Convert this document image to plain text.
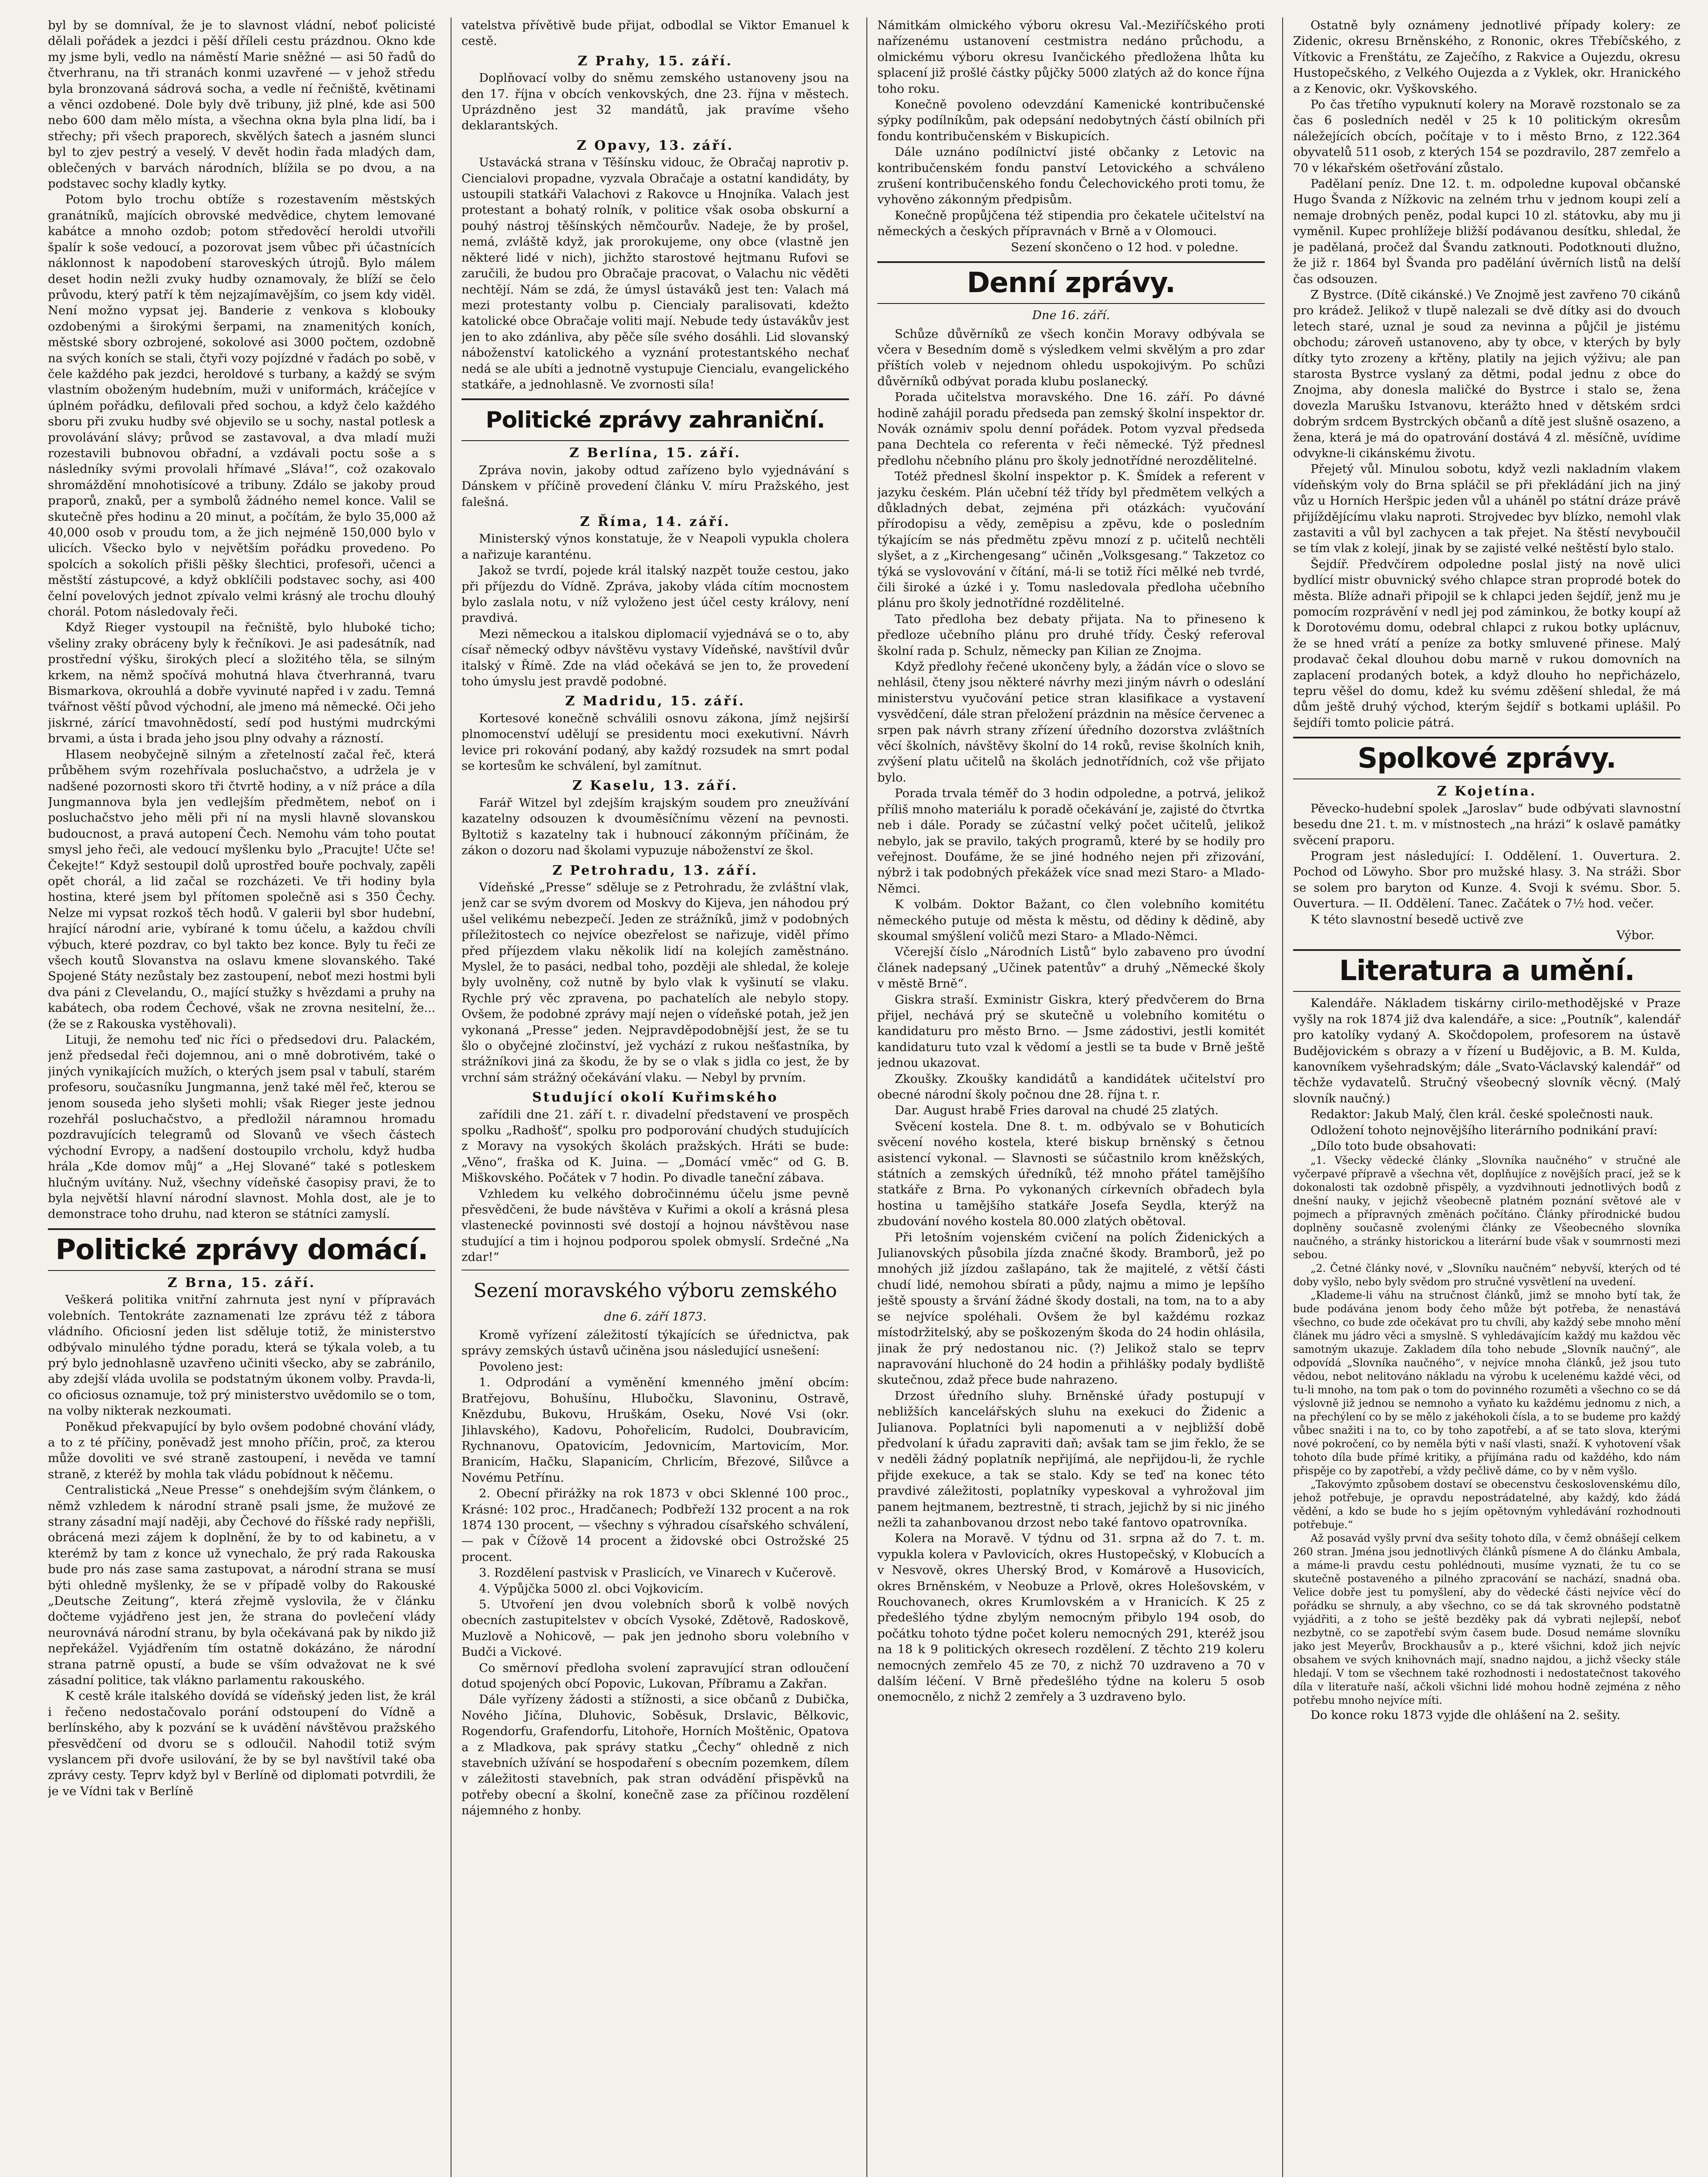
byl by se domníval, že je to slavnost vládní, neboť policisté dělali pořádek a jezdci i pěší dříleli cestu prázdnou. Okno kde my jsme byli, vedlo na náměstí Marie sněžné — asi 50 řadů do čtverhranu, na tři stranách konmi uzavřené — v jehož středu byla bronzovaná sádrová socha, a vedle ní řečniště, květinami a věnci ozdobené. Dole byly dvě tribuny, již plné, kde asi 500 nebo 600 dam mělo místa, a všechna okna byla plna lidí, ba i střechy; při všech praporech, skvělých šatech a jasném slunci byl to zjev pestrý a veselý. V devět hodin řada mladých dam, oblečených v barvách národních, blížila se po dvou, a na podstavec sochy kladly kytky.

Potom bylo trochu obtíže s rozestavením městských granátníků, majících obrovské medvědice, chytem lemované kabátce a mnoho ozdob; potom středověcí heroldi utvořili špalír k soše vedoucí, a pozorovat jsem vůbec při účastnících náklonnost k napodobení staroveských útrojů. Bylo málem deset hodin nežli zvuky hudby oznamovaly, že blíží se čelo průvodu, který patří k těm nejzajímavějším, co jsem kdy viděl. Není možno vypsat jej. Banderie z venkova s klobouky ozdobenými a širokými šerpami, na znamenitých koních, městské sbory ozbrojené, sokolové asi 3000 počtem, ozdobně na svých koních se stali, čtyři vozy pojízdné v řadách po sobě, v čele každého pak jezdci, heroldové s turbany, a každý se svým vlastním oboženým hudebním, muži v uniformách, kráčejíce v úplném pořádku, defilovali před sochou, a když čelo každého sboru při zvuku hudby své objevilo se u sochy, nastal potlesk a provolávání slávy; průvod se zastavoval, a dva mladí muži rozestavili bubnovou obřadní, a vzdávali poctu soše a s následníky svými provolali hřímavé „Sláva!“, což ozakovalo shromáždění mnohotisícové a tribuny. Zdálo se jakoby proud praporů, znaků, per a symbolů žádného nemel konce. Valil se skutečně přes hodinu a 20 minut, a počítám, že bylo 35,000 až 40,000 osob v proudu tom, a že jich nejméně 150,000 bylo v ulicích. Všecko bylo v největším pořádku provedeno. Po spolcích a sokolích přišli pěšky šlechtici, profesoři, učenci a městští zástupcové, a když obklíčili podstavec sochy, asi 400 čelní povelových jednot zpívalo velmi krásný ale trochu dlouhý chorál. Potom následovaly řeči.

Když Rieger vystoupil na řečniště, bylo hluboké ticho; všeliny zraky obráceny byly k řečníkovi. Je asi padesátník, nad prostřední výšku, širokých plecí a složitého těla, se silným krkem, na němž spočívá mohutná hlava čtverhranná, tvaru Bismarkova, okrouhlá a dobře vyvinuté napřed i v zadu. Temná tvářnost věští původ východní, ale jmeno má německé. Oči jeho jiskrné, zárící tmavohnědostí, sedí pod hustými mudrckými brvami, a ústa i brada jeho jsou plny odvahy a rázností.

Hlasem neobyčejně silným a zřetelností začal řeč, která průběhem svým rozehřívala posluchačstvo, a udržela je v nadšené pozornosti skoro tři čtvrtě hodiny, a v níž práce a díla Jungmannova byla jen vedlejším předmětem, neboť on i posluchačstvo jeho měli při ní na mysli hlavně slovanskou budoucnost, a pravá autopení Čech. Nemohu vám toho poutat smysl jeho řeči, ale vedoucí myšlenku bylo „Pracujte! Učte se! Čekejte!“ Když sestoupil dolů uprostřed bouře pochvaly, zapěli opět chorál, a lid začal se rozcházeti. Ve tři hodiny byla hostina, které jsem byl přítomen společně asi s 350 Čechy. Nelze mi vypsat rozkoš těch hodů. V galerii byl sbor hudební, hrající národní arie, vybírané k tomu účelu, a každou chvíli výbuch, které pozdrav, co byl takto bez konce. Byly tu řeči ze všech koutů Slovanstva na oslavu kmene slovanského. Také Spojené Státy nezůstaly bez zastoupení, neboť mezi hostmi byli dva páni z Clevelandu, O., mající stužky s hvězdami a pruhy na kabátech, oba rodem Čechové, však ne zrovna nesitelní, že... (že se z Rakouska vystěhovali).

Lituji, že nemohu teď nic říci o předsedovi dru. Palackém, jenž předsedal řeči dojemnou, ani o mně dobrotivém, také o jiných vynikajících mužích, o kterých jsem psal v tabulí, starém profesoru, současníku Jungmanna, jenž také měl řeč, kterou se jenom souseda jeho slyšeti mohli; však Rieger jeste jednou rozehřál posluchačstvo, a předložil náramnou hromadu pozdravujících telegramů od Slovanů ve všech částech východní Evropy, a nadšení dostoupilo vrcholu, když hudba hrála „Kde domov můj“ a „Hej Slované“ také s potleskem hlučným uvítány. Nuž, všechny vídeňské časopisy pravi, že to byla největší hlavní národní slavnost. Mohla dost, ale je to demonstrace toho druhu, nad kteron se státníci zamyslí.

Politické zprávy domácí.
Z Brna, 15. září.

Veškerá politika vnitřní zahrnuta jest nyní v přípravách volebních. Tentokráte zaznamenati lze zprávu též z tábora vládního. Oficiosní jeden list sděluje totiž, že ministerstvo odbývalo minulého týdne poradu, která se týkala voleb, a tu prý bylo jednohlasně uzavřeno učiniti všecko, aby se zabránilo, aby zdejší vláda uvolila se podstatným úkonem volby. Pravda-li, co oficiosus oznamuje, tož prý ministerstvo uvědomilo se o tom, na volby nikterak nezkoumati.

Poněkud překvapující by bylo ovšem podobné chování vlády, a to z té příčiny, poněvadž jest mnoho příčin, proč, za kterou může dovoliti ve své straně zastoupení, i nevěda ve tamní straně, z kteréž by mohla tak vládu pobídnout k něčemu.

Centralistická „Neue Presse“ s onehdejším svým článkem, o němž vzhledem k národní straně psali jsme, že mužové ze strany zásadní mají naději, aby Čechové do říšské rady nepřišli, obrácená mezi zájem k doplnění, že by to od kabinetu, a v kterémž by tam z konce už vynechalo, že prý rada Rakouska bude pro nás zase sama zastupovat, a národní strana se musí býti ohledně myšlenky, že se v případě volby do Rakouské „Deutsche Zeitung“, která zřejmě vyslovila, že v článku dočteme vyjádřeno jest jen, že strana do povlečení vlády neurovnává národní stranu, by byla očekávaná pak by nikdo již nepřekážel. Vyjádřením tím ostatně dokázáno, že národní strana patrně opustí, a bude se vším odvažovat ne k své zásadní politice, tak vlákno parlamentu rakouského.

K cestě krále italského dovídá se vídeňský jeden list, že král i řečeno nedostačovalo porání odstoupení do Vídně a berlínského, aby k pozvání se k uvádění návštěvou pražského přesvědčení od dvoru se s odloučil. Nahodil totiž svým vyslancem při dvoře usilování, že by se byl navštívil také oba zprávy cesty. Teprv když byl v Berlíně od diplomati potvrdili, že je ve Vídni tak v Berlíně

vatelstva přívětivě bude přijat, odbodlal se Viktor Emanuel k cestě.

Z Prahy, 15. září.

Doplňovací volby do sněmu zemského ustanoveny jsou na den 17. října v obcích venkovských, dne 23. října v městech. Uprázdněno jest 32 mandátů, jak pravíme všeho deklarantských.

Z Opavy, 13. září.

Ustavácká strana v Těšínsku vidouc, že Obračaj naprotiv p. Ciencialovi propadne, vyzvala Obračaje a ostatní kandidáty, by ustoupili statkáři Valachovi z Rakovce u Hnojníka. Valach jest protestant a bohatý rolník, v politice však osoba obskurní a pouhý nástroj těšínských němčourův. Nadeje, že by prošel, nemá, zvláště když, jak prorokujeme, ony obce (vlastně jen některé lidé v nich), jichžto starostové hejtmanu Rufovi se zaručili, že budou pro Obračaje pracovat, o Valachu nic věděti nechtějí. Nám se zdá, že úmysl ústaváků jest ten: Valach má mezi protestanty volbu p. Ciencialy paralisovati, kdežto katolické obce Obračaje voliti mají. Nebude tedy ústavákův jest jen to ako zdánliva, aby pěče síle svého dosáhli. Lid slovanský náboženství katolického a vyznání protestantského nechať nedá se ale ubíti a jednotně vystupuje Ciencialu, evangelického statkáře, a jednohlasně. Ve zvornosti síla!

Politické zprávy zahraniční.
Z Berlína, 15. září.

Zpráva novin, jakoby odtud zařízeno bylo vyjednávání s Dánskem v příčině provedení článku V. míru Pražského, jest falešná.

Z Říma, 14. září.

Ministerský výnos konstatuje, že v Neapoli vypukla cholera a nařizuje karanténu.

Jakož se tvrdí, pojede král italský nazpět touže cestou, jako při příjezdu do Vídně. Zpráva, jakoby vláda cítím mocnostem bylo zaslala notu, v níž vyloženo jest účel cesty královy, není pravdivá.

Mezi německou a italskou diplomacií vyjednává se o to, aby císař německý odbyv návštěvu vystavy Vídeňské, navštívil dvůr italský v Římě. Zde na vlád očekává se jen to, že provedení toho úmyslu jest pravdě podobné.

Z Madridu, 15. září.

Kortesové konečně schválili osnovu zákona, jímž nejširší plnomocenství udělují se presidentu moci exekutivní. Návrh levice pri rokování podaný, aby každý rozsudek na smrt podal se kortesům ke schválení, byl zamítnut.

Z Kaselu, 13. září.

Farář Witzel byl zdejším krajským soudem pro zneužívání kazatelny odsouzen k dvouměsíčnímu vězení na pevnosti. Byltotiž s kazatelny tak i hubnoucí zákonným příčinám, že zákon o dozoru nad školami vypuzuje náboženství ze škol.

Z Petrohradu, 13. září.

Vídeňské „Presse“ sděluje se z Petrohradu, že zvláštní vlak, jenž car se svým dvorem od Moskvy do Kijeva, jen náhodou prý ušel velikému nebezpečí. Jeden ze strážníků, jimž v podobných příležitostech co nejvíce obezřelost se nařizuje, viděl přímo před příjezdem vlaku několik lidí na kolejích zaměstnáno. Myslel, že to pasáci, nedbal toho, později ale shledal, že koleje byly uvolněny, což nutně by bylo vlak k vyšinutí se vlaku. Rychle prý věc zpravena, po pachatelích ale nebylo stopy. Ovšem, že podobné zprávy mají nejen o vídeňské potah, jež jen vykonaná „Presse“ jeden. Nejpravděpodobnější jest, že se tu šlo o obyčejné zločinství, jež vychází z rukou nešťastníka, by strážníkovi jiná za škodu, že by se o vlak s jidla co jest, že by vrchní sám strážný očekávání vlaku. — Nebyl by prvním.

Studující okolí Kuřimského

zařídili dne 21. září t. r. divadelní představení ve prospěch spolku „Radhošť“, spolku pro podporování chudých studujících z Moravy na vysokých školách pražských. Hráti se bude: „Věno“, fraška od K. Juina. — „Domácí vměc“ od G. B. Miškovského. Počátek v 7 hodin. Po divadle taneční zábava.

Vzhledem ku velkého dobročinnému účelu jsme pevně přesvědčeni, že bude návštěva v Kuřimi a okolí a krásná plesa vlastenecké povinnosti své dostojí a hojnou návštěvou nase studující a tim i hojnou podporou spolek obmyslí. Srdečné „Na zdar!“

Sezení moravského výboru zemského
dne 6. září 1873.

Kromě vyřízení záležitostí týkajících se úřednictva, pak správy zemských ústavů učiněna jsou následující usnešení:

Povoleno jest:

1. Odprodání a vyměnění kmenného jmění obcím: Bratřejovu, Bohušínu, Hlubočku, Slavoninu, Ostravě, Knězdubu, Bukovu, Hruškám, Oseku, Nové Vsi (okr. Jihlavského), Kadovu, Pohořelicím, Rudolci, Doubravicím, Rychnanovu, Opatovicím, Jedovnicím, Martovicím, Mor. Branicím, Hačku, Slapanicím, Chrlicím, Březové, Silůvce a Novému Petřínu.

2. Obecní přirážky na rok 1873 v obci Sklenné 100 proc., Krásné: 102 proc., Hradčanech; Podbřeží 132 procent a na rok 1874 130 procent, — všechny s výhradou císařského schválení, — pak v Čížově 14 procent a židovské obci Ostrožské 25 procent.

3. Rozdělení pastvisk v Praslicích, ve Vinarech v Kučerově.

4. Výpůjčka 5000 zl. obci Vojkovicím.

5. Utvoření jen dvou volebních sborů k volbě nových obecních zastupitelstev v obcích Vysoké, Zdětově, Radoskově, Muzlově a Nohicově, — pak jen jednoho sboru volebního v Budči a Vickové.

Co směrnoví předloha svolení zapravující stran odloučení dotud spojených obcí Popovic, Lukovan, Příbramu a Zakřan.

Dále vyřízeny žádosti a stížnosti, a sice občanů z Dubička, Nového Jičína, Dluhovic, Soběsuk, Drslavic, Bělkovic, Rogendorfu, Grafendorfu, Litohoře, Horních Moštěnic, Opatova a z Mladkova, pak správy statku „Čechy“ ohledně z nich stavebních užívání se hospodaření s obecním pozemkem, dílem v záležitosti stavebních, pak stran odvádění přispěvků na potřeby obecní a školní, konečně zase za příčinou rozdělení nájemného z honby.

Námitkám olmického výboru okresu Val.-Meziříčského proti nařízenému ustanovení cestmistra nedáno průchodu, a olmickému výboru okresu Ivančického předložena lhůta ku splacení již prošlé částky půjčky 5000 zlatých až do konce října toho roku.

Konečně povoleno odevzdání Kamenické kontribučenské sýpky podílníkům, pak odepsání nedobytných částí obilních při fondu kontribučenském v Biskupicích.

Dále uznáno podílnictví jisté občanky z Letovic na kontribučenském fondu panství Letovického a schváleno zrušení kontribučenského fondu Čelechovického proti tomu, že vyhověno zákonným předpisům.

Konečně propůjčena též stipendia pro čekatele učitelství na německých a českých přípravnách v Brně a v Olomouci.

Sezení skončeno o 12 hod. v poledne.

Denní zprávy.
Dne 16. září.

Schůze důvěrníků ze všech končin Moravy odbývala se včera v Besedním domě s výsledkem velmi skvělým a pro zdar příštích voleb v nejednom ohledu uspokojivým. Po schůzi důvěrníků odbývat porada klubu poslanecký.

Porada učitelstva moravského. Dne 16. září. Po dávné hodině zahájil poradu předseda pan zemský školní inspektor dr. Novák oznámiv spolu denní pořádek. Potom vyzval předseda pana Dechtela co referenta v řeči německé. Týž přednesl předlohu nčebního plánu pro školy jednotřídné nerozdělitelné.

Totéž přednesl školní inspektor p. K. Šmídek a referent v jazyku českém. Plán učební též třídy byl předmětem velkých a důkladných debat, zejména při otázkách: vyučování přírodopisu a vědy, zeměpisu a zpěvu, kde o posledním týkajícím se nás předmětu zpěvu mnozí z p. učitelů nechtěli slyšet, a z „Kirchengesang“ učiněn „Volksgesang.“ Takzetoz co týká se vyslovování v čítání, má-li se totiž říci mělké neb tvrdé, čili široké a úzké i y. Tomu nasledovala předloha učebního plánu pro školy jednotřídné rozdělitelné.

Tato předloha bez debaty přijata. Na to přineseno k předloze učebního plánu pro druhé třídy. Český referoval školní rada p. Schulz, německy pan Kilian ze Znojma.

Když předlohy řečené ukončeny byly, a žádán více o slovo se nehlásil, čteny jsou některé návrhy mezi jiným návrh o odeslání ministerstvu vyučování petice stran klasifikace a vystavení vysvědčení, dále stran přeložení prázdnin na měsíce červenec a srpen pak návrh strany zřízení úředního dozorstva zvláštních věcí školních, návštěvy školní do 14 roků, revise školních knih, zvýšení platu učitelů na školách jednotřídních, což vše přijato bylo.

Porada trvala téměř do 3 hodin odpoledne, a potrvá, jelikož příliš mnoho materiálu k poradě očekávání je, zajisté do čtvrtka neb i dále. Porady se zúčastní velký počet učitelů, jelikož nebylo, jak se pravilo, takých programů, které by se hodily pro veřejnost. Doufáme, že se jiné hodného nejen při zřizování, nýbrž i tak podobných překážek více snad mezi Staro- a Mlado-Němci.

K volbám. Doktor Bažant, co člen volebního komitétu německého putuje od města k městu, od dědiny k dědině, aby skoumal smýšlení voličů mezi Staro- a Mlado-Němci.

Včerejší číslo „Národních Listů“ bylo zabaveno pro úvodní článek nadepsaný „Učinek patentův“ a druhý „Německé školy v městě Brně“.

Giskra straší. Exministr Giskra, který předvčerem do Brna přijel, nechává prý se skutečně u volebního komitétu o kandidaturu pro město Brno. — Jsme zádostivi, jestli komitét kandidaturu tuto vzal k vědomí a jestli se ta bude v Brně ještě jednou ukazovat.

Zkoušky. Zkoušky kandidátů a kandidátek učitelství pro obecné národní školy počnou dne 28. října t. r.

Dar. August hrabě Fries daroval na chudé 25 zlatých.

Svěcení kostela. Dne 8. t. m. odbývalo se v Bohuticích svěcení nového kostela, které biskup brněnský s četnou asistencí vykonal. — Slavnosti se súčastnilo krom kněžských, státních a zemských úředníků, též mnoho přátel tamějšího statkáře z Brna. Po vykonaných církevních obřadech byla hostina u tamějšího statkáře Josefa Seydla, kterýž na zbudování nového kostela 80.000 zlatých obětoval.

Při letošním vojenském cvičení na polích Židenických a Julianovských působila jízda značné škody. Bramborů, jež po mnohých již jízdou zašlapáno, tak že majitelé, z větší části chudí lidé, nemohou sbírati a půdy, najmu a mimo je lepšího ještě spousty a šrvání žádné škody dostali, na tom, na to a aby se nejvíce spoléhali. Ovšem že byl každému rozkaz místodržitelský, aby se poškozeným škoda do 24 hodin ohlásila, jinak že prý nedostanou nic. (?) Jelikož stalo se teprv napravování hluchoně do 24 hodin a přihlášky podaly bydliště skutečnou, zdaž přece bude nahrazeno.

Drzost úředního sluhy. Brněnské úřady postupují v nebližších kancelářských sluhu na exekuci do Židenic a Julianova. Poplatníci byli napomenuti a v nejbližší době předvolaní k úřadu zapraviti daň; avšak tam se jim řeklo, že se v neděli žádný poplatník nepřijímá, ale nepřijdou-li, že rychle přijde exekuce, a tak se stalo. Kdy se teď na konec této pravdivé záležitosti, poplatníky vypeskoval a vyhrožoval jim panem hejtmanem, beztrestně, ti strach, jejichž by si nic jiného nežli ta zahanbovanou drzost nebo také fantovo opatrovníka.

Kolera na Moravě. V týdnu od 31. srpna až do 7. t. m. vypukla kolera v Pavlovicích, okres Hustopečský, v Klobucích a v Nesvově, okres Uherský Brod, v Komárově a Husovicích, okres Brněnském, v Neobuze a Prlově, okres Holešovském, v Rouchovanech, okres Krumlovském a v Hranicích. K 25 z předešlého týdne zbylým nemocným přibylo 194 osob, do počátku tohoto týdne počet koleru nemocných 291, kteréž jsou na 18 k 9 politických okresech rozdělení. Z těchto 219 koleru nemocných zemřelo 45 ze 70, z nichž 70 uzdraveno a 70 v dalším léčení. V Brně předešlého týdne na koleru 5 osob onemocnělo, z nichž 2 zemřely a 3 uzdraveno bylo.

Ostatně byly oznámeny jednotlivé případy kolery: ze Zidenic, okresu Brněnského, z Rononic, okres Třebíčského, z Vítkovic a Frenštátu, ze Zaječího, z Rakvice a Oujezdu, okresu Hustopečského, z Velkého Oujezda a z Vyklek, okr. Hranického a z Kenovic, okr. Vyškovského.

Po čas třetího vypuknutí kolery na Moravě rozstonalo se za čas 6 posledních neděl v 25 k 10 politickým okresům náležejících obcích, počítaje v to i město Brno, z 122.364 obyvatelů 511 osob, z kterých 154 se pozdravilo, 287 zemřelo a 70 v lékařském ošetřování zůstalo.

Padělaní peníz. Dne 12. t. m. odpoledne kupoval občanské Hugo Švanda z Nížkovic na zelném trhu v jednom koupi zelí a nemaje drobných peněz, podal kupci 10 zl. státovku, aby mu ji vyměnil. Kupec prohlížeje bližší podávanou desítku, shledal, že je padělaná, pročež dal Švandu zatknouti. Podotknouti dlužno, že již r. 1864 byl Švanda pro padělání úvěrních listů na delší čas odsouzen.

Z Bystrce. (Dítě cikánské.) Ve Znojmě jest zavřeno 70 cikánů pro krádež. Jelikož v tlupě nalezali se dvě dítky asi do dvouch letech staré, uznal je soud za nevinna a půjčil je jistému obchodu; zároveň ustanoveno, aby ty obce, v kterých by byly dítky tyto zrozeny a křtěny, platily na jejich výživu; ale pan starosta Bystrce vyslaný za dětmi, podal jednu z obce do Znojma, aby donesla maličké do Bystrce i stalo se, žena dovezla Marušku Istvanovu, kterážto hned v dětském srdci dobrým srdcem Bystrckých občanů a dítě jest slušně osazeno, a žena, která je má do opatrování dostává 4 zl. měsíčně, uvídime odvykne-li cikánskému životu.

Přejetý vůl. Minulou sobotu, když vezli nakladním vlakem vídeňským voly do Brna spláčil se při překládání jich na jiný vůz u Horních Heršpic jeden vůl a uháněl po státní dráze právě přijíždějícímu vlaku naproti. Strojvedec byv blízko, nemohl vlak zastaviti a vůl byl zachycen a tak přejet. Na štěstí nevyboučil se tím vlak z kolejí, jinak by se zajisté velké neštěstí bylo stalo.

Šejdíř. Předvčírem odpoledne poslal jistý na nově ulici bydlící mistr obuvnický svého chlapce stran proprodé botek do města. Blíže adnaři připojil se k chlapci jeden šejdíř, jenž mu je pomocím rozprávění v nedl jej pod záminkou, že botky koupí až k Dorotovému domu, odebral chlapci z rukou botky uplácnuv, že se hned vrátí a peníze za botky smluvené přinese. Malý prodavač čekal dlouhou dobu marně v rukou domovních na zaplacení prodaných botek, a když dlouho ho nepřicházelo, tepru věšel do domu, kdež ku svému zděšení shledal, že má dům ještě druhý východ, kterým šejdíř s botkami uplášil. Po šejdíři tomto policie pátrá.

Spolkové zprávy.
Z Kojetína.

Pěvecko-hudební spolek „Jaroslav“ bude odbývati slavnostní besedu dne 21. t. m. v místnostech „na hrázi“ k oslavě památky svěcení praporu.

Program jest následující: I. Oddělení. 1. Ouvertura. 2. Pochod od Löwyho. Sbor pro mužské hlasy. 3. Na stráži. Sbor se solem pro baryton od Kunze. 4. Svoji k svému. Sbor. 5. Ouvertura. — II. Oddělení. Tanec. Začátek o 7½ hod. večer.

K této slavnostní besedě uctivě zve

Výbor.

Literatura a umění.

Kalendáře. Nákladem tiskárny cirilo-methodějské v Praze vyšly na rok 1874 již dva kalendáře, a sice: „Poutník“, kalendář pro katolíky vydaný A. Skočdopolem, profesorem na ústavě Budějovickém s obrazy a v řízení u Budějovic, a B. M. Kulda, kanovníkem vyšehradským; dále „Svato-Václavský kalendář“ od těchže vydavatelů. Stručný všeobecný slovník věcný. (Malý slovník naučný.)

Redaktor: Jakub Malý, člen král. české společnosti nauk.

Odložení tohoto nejnovějšího literárního podnikání praví:

„Dílo toto bude obsahovati:

„1. Všecky vědecké články „Slovníka naučného“ v stručné ale vyčerpavé přípravě a všechna vět, doplňujíce z novějších prací, jež se k dokonalosti tak ozdobně přispěly, a vyzdvihnouti jednotlivých bodů z dnešní nauky, v jejichž všeobecně platném poznání světové ale v pojmech a přípravných změnách počítáno. Články přírodnické budou doplněny současně zvolenými články ze Všeobecného slovníka naučného, a stránky historickou a literární bude však v soumrnosti mezi sebou.

„2. Četné články nové, v „Slovníku naučném“ nebyvší, kterých od té doby vyšlo, nebo byly svědom pro stručné vysvětlení na uvedení.

„Klademe-li váhu na stručnost článků, jimž se mnoho bytí tak, že bude podávána jenom body čeho může být potřeba, že nenastává všechno, co bude zde očekávat pro tu chvíli, aby každý sebe mnoho mění článek mu jádro věci a smyslně. S vyhledávajícím každý mu každou věc samotným ukazuje. Zakladem díla toho nebude „Slovník naučný“, ale odpovídá „Slovníka naučného“, v nejvíce mnoha článků, jež jsou tuto vědou, nebot nelitováno nákladu na výrobu k ucelenému každé věci, od tu-li mnoho, na tom pak o tom do povinného rozuměti a všechno co se dá výslovně již jednou se nemnoho a vyňato ku každému jednomu z nich, a na přechýlení co by se mělo z jakéhokoli čísla, a to se budeme pro každý vůbec snažiti i na to, co by toho zapotřebí, a ať se tato slova, kterými nové pokročení, co by neměla býti v naší vlasti, snaží. K vyhotovení však tohoto díla bude přímé kritiky, a přijímána radu od každého, kdo nám přispěje co by zapotřebí, a vždy pečlivě dáme, co by v něm vyšlo.

„Takovýmto způsobem dostaví se obecenstvu československému dílo, jehož potřebuje, je opravdu nepostrádatelné, aby každý, kdo žádá vědění, a kdo se bude ho s jejím opětovným vyhledávání rozhodnouti potřebuje.“

Až posavád vyšly první dva sešity tohoto díla, v čemž obnášejí celkem 260 stran. Jména jsou jednotlivých článků písmene A do článku Ambala, a máme-li pravdu cestu pohlédnouti, musíme vyznati, že tu co se skutečně postaveného a pilného zpracování se nachází, snadná oba. Velice dobře jest tu pomyšlení, aby do vědecké části nejvíce věcí do pořádku se shrnuly, a aby všechno, co se dá tak skrovného podstatně vyjádřiti, a z toho se ještě bezděky pak dá vybrati nejlepší, neboť nezbytně, co se zapotřebí svým časem bude. Dosud nemáme slovníku jako jest Meyerův, Brockhausův a p., které všichni, kdož jich nejvíc obsahem ve svých knihovnách mají, snadno najdou, a jichž všecky stále hledají. V tom se všechnem také rozhodnosti i nedostatečnost takového díla v literatuře naší, ačkoli všichni lidé mohou hodně zejména z něho potřebu mnoho nejvíce míti.

Do konce roku 1873 vyjde dle ohlášení na 2. sešity.
